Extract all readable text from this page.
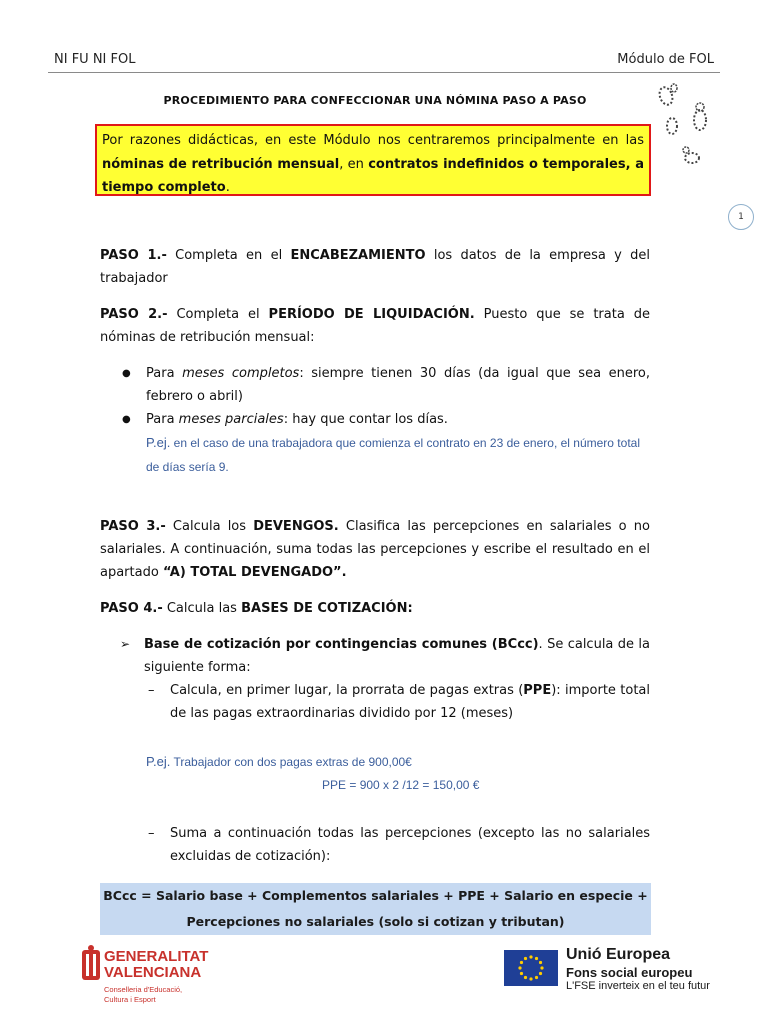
NI FU NI FOL	Módulo de FOL
PROCEDIMIENTO PARA CONFECCIONAR UNA NÓMINA PASO A PASO
Por razones didácticas, en este Módulo nos centraremos principalmente en las nóminas de retribución mensual, en contratos indefinidos o temporales, a tiempo completo.
1

PASO 1.- Completa en el ENCABEZAMIENTO los datos de la empresa y del trabajador

PASO 2.- Completa el PERÍODO DE LIQUIDACIÓN. Puesto que se trata de nóminas de retribución mensual:

● Para meses completos: siempre tienen 30 días (da igual que sea enero, febrero o abril)
● Para meses parciales: hay que contar los días.
P.ej. en el caso de una trabajadora que comienza el contrato en 23 de enero, el número total de días sería 9.

PASO 3.- Calcula los DEVENGOS. Clasifica las percepciones en salariales o no salariales. A continuación, suma todas las percepciones y escribe el resultado en el apartado “A) TOTAL DEVENGADO”.

PASO 4.- Calcula las BASES DE COTIZACIÓN:

➢ Base de cotización por contingencias comunes (BCcc). Se calcula de la siguiente forma:
– Calcula, en primer lugar, la prorrata de pagas extras (PPE): importe total de las pagas extraordinarias dividido por 12 (meses)
P.ej. Trabajador con dos pagas extras de 900,00€
PPE = 900 x 2 /12 = 150,00 €
– Suma a continuación todas las percepciones (excepto las no salariales excluidas de cotización):
BCcc = Salario base + Complementos salariales + PPE + Salario en especie +
Percepciones no salariales (solo si cotizan y tributan)
GENERALITAT
VALENCIANA
Conselleria d'Educació,
Cultura i Esport
Unió Europea
Fons social europeu
L'FSE inverteix en el teu futur
